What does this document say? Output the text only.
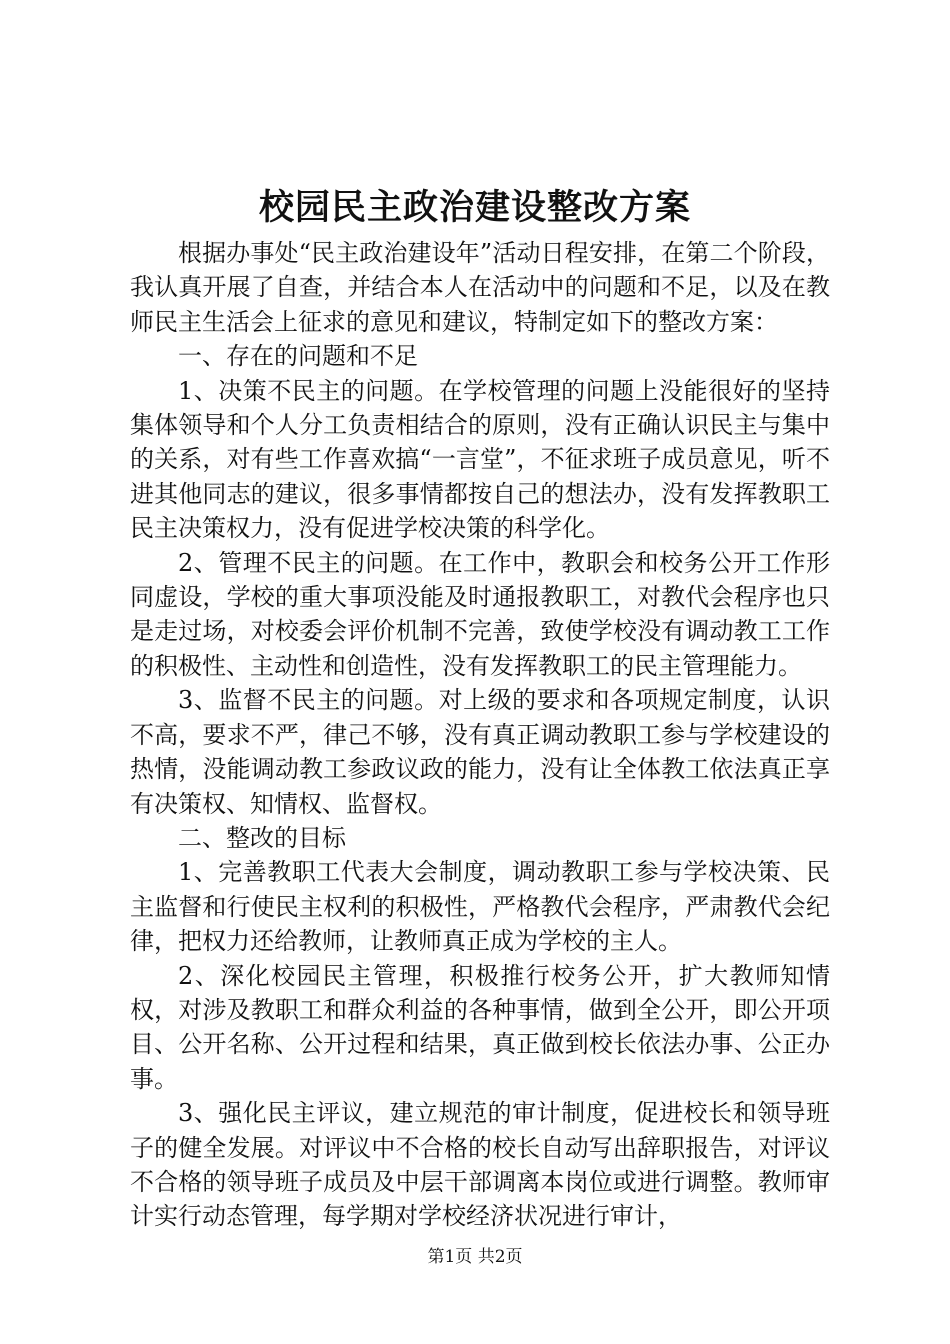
校园民主政治建设整改方案

根据办事处“民主政治建设年”活动日程安排，在第二个阶段，我认真开展了自查，并结合本人在活动中的问题和不足，以及在教师民主生活会上征求的意见和建议，特制定如下的整改方案：

一、存在的问题和不足

1、决策不民主的问题。在学校管理的问题上没能很好的坚持集体领导和个人分工负责相结合的原则，没有正确认识民主与集中的关系，对有些工作喜欢搞“一言堂”，不征求班子成员意见，听不进其他同志的建议，很多事情都按自己的想法办，没有发挥教职工民主决策权力，没有促进学校决策的科学化。

2、管理不民主的问题。在工作中，教职会和校务公开工作形同虚设，学校的重大事项没能及时通报教职工，对教代会程序也只是走过场，对校委会评价机制不完善，致使学校没有调动教工工作的积极性、主动性和创造性，没有发挥教职工的民主管理能力。

3、监督不民主的问题。对上级的要求和各项规定制度，认识不高，要求不严，律己不够，没有真正调动教职工参与学校建设的热情，没能调动教工参政议政的能力，没有让全体教工依法真正享有决策权、知情权、监督权。

二、整改的目标

1、完善教职工代表大会制度，调动教职工参与学校决策、民主监督和行使民主权利的积极性，严格教代会程序，严肃教代会纪律，把权力还给教师，让教师真正成为学校的主人。

2、深化校园民主管理，积极推行校务公开，扩大教师知情权，对涉及教职工和群众利益的各种事情，做到全公开，即公开项目、公开名称、公开过程和结果，真正做到校长依法办事、公正办事。

3、强化民主评议，建立规范的审计制度，促进校长和领导班子的健全发展。对评议中不合格的校长自动写出辞职报告，对评议不合格的领导班子成员及中层干部调离本岗位或进行调整。教师审计实行动态管理，每学期对学校经济状况进行审计，

第1页 共2页
